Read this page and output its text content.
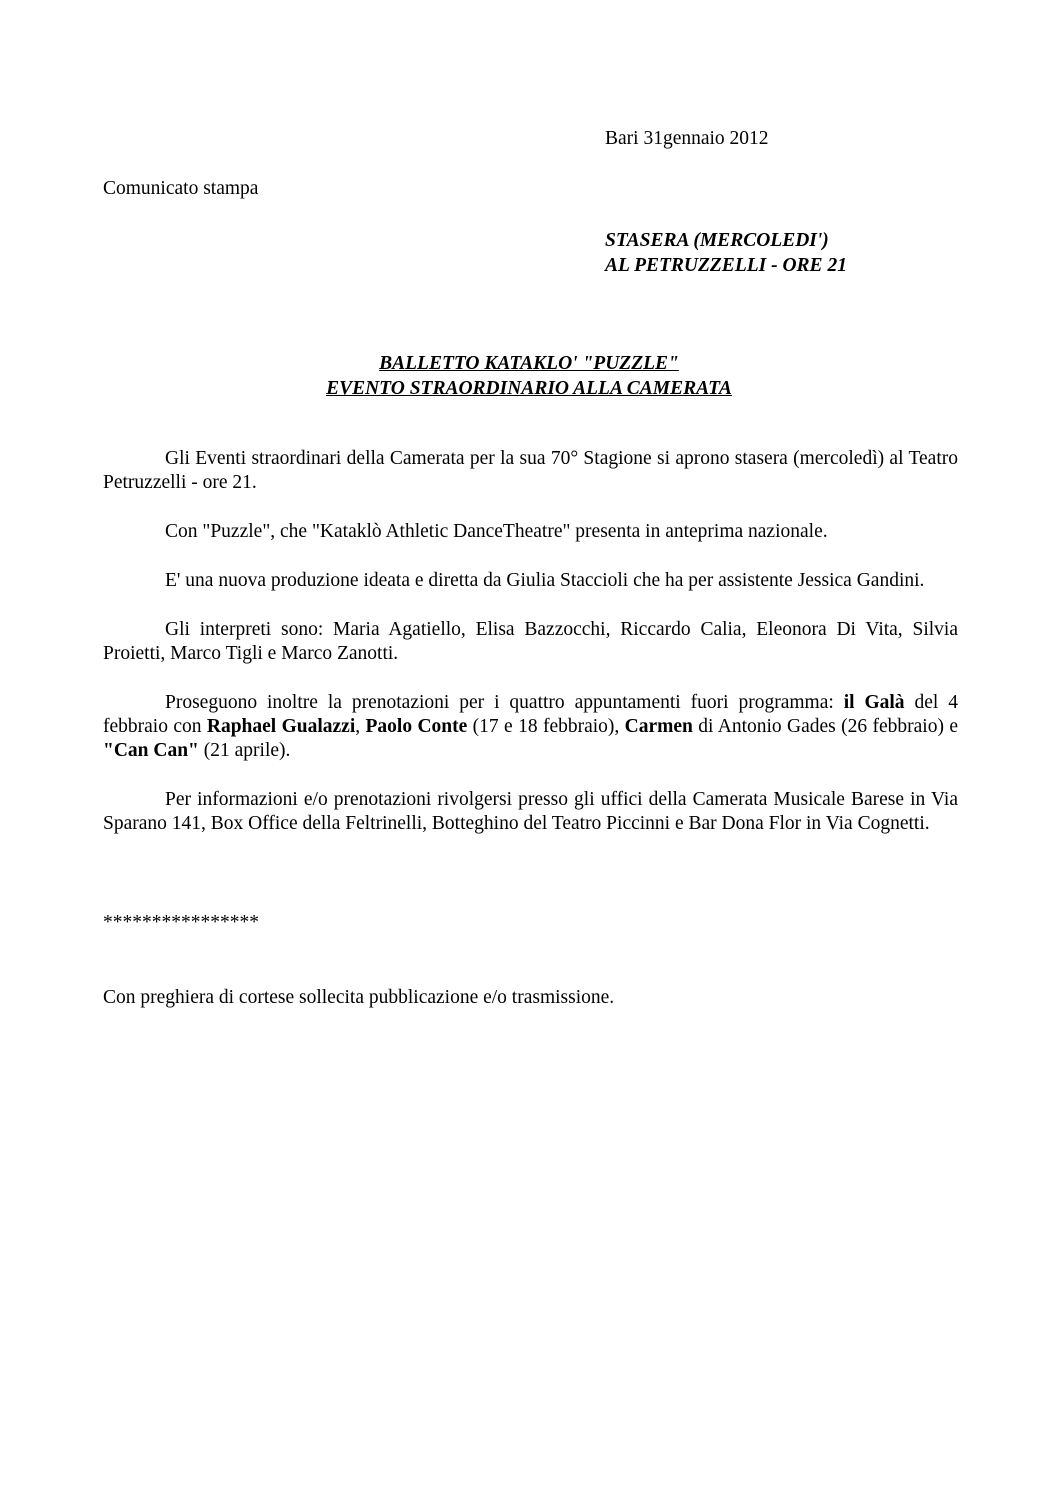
Bari 31gennaio 2012
Comunicato stampa
STASERA (MERCOLEDI')
AL PETRUZZELLI - ORE 21
BALLETTO KATAKLO' "PUZZLE"
EVENTO STRAORDINARIO ALLA CAMERATA

Gli Eventi straordinari della Camerata per la sua 70° Stagione si aprono stasera (mercoledì) al Teatro Petruzzelli - ore 21.

Con "Puzzle", che "Kataklò Athletic DanceTheatre" presenta in anteprima nazionale.

E' una nuova produzione ideata e diretta da Giulia Staccioli che ha per assistente Jessica Gandini.

Gli interpreti sono: Maria Agatiello, Elisa Bazzocchi, Riccardo Calia, Eleonora Di Vita, Silvia Proietti, Marco Tigli e Marco Zanotti.

Proseguono inoltre la prenotazioni per i quattro appuntamenti fuori programma: il Galà del 4 febbraio con Raphael Gualazzi, Paolo Conte (17 e 18 febbraio), Carmen di Antonio Gades (26 febbraio) e "Can Can" (21 aprile).

Per informazioni e/o prenotazioni rivolgersi presso gli uffici della Camerata Musicale Barese in Via Sparano 141, Box Office della Feltrinelli, Botteghino del Teatro Piccinni e Bar Dona Flor in Via Cognetti.

****************
Con preghiera di cortese sollecita pubblicazione e/o trasmissione.
